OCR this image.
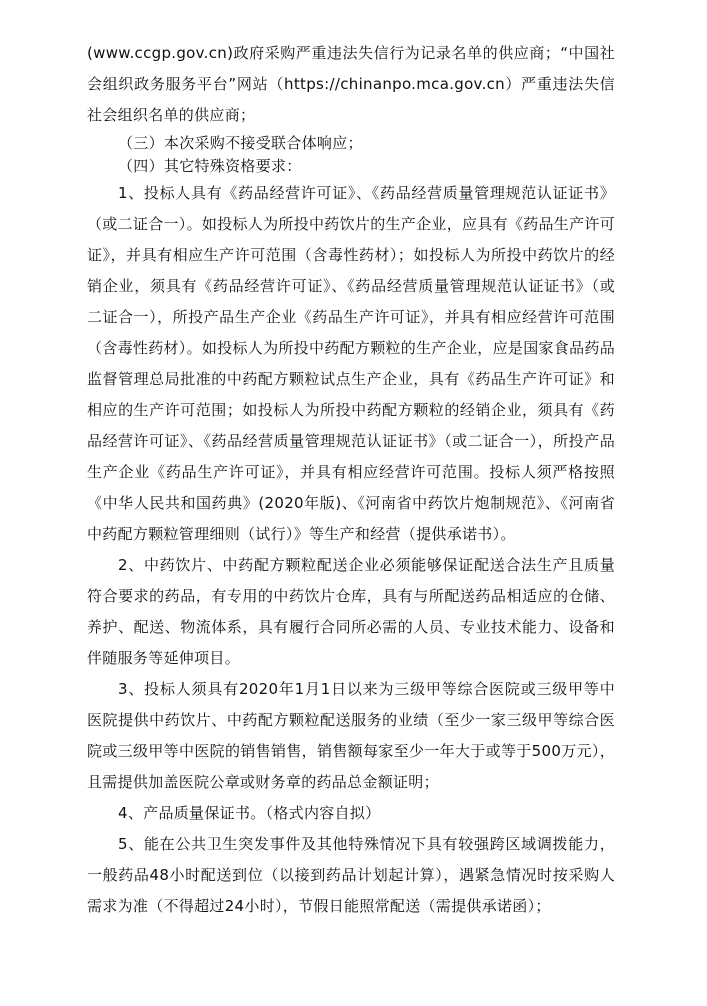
(www.ccgp.gov.cn)政府采购严重违法失信行为记录名单的供应商；“中国社会组织政务服务平台”网站（https://chinanpo.mca.gov.cn）严重违法失信社会组织名单的供应商；

（三）本次采购不接受联合体响应；

（四）其它特殊资格要求：

1、投标人具有《药品经营许可证》、《药品经营质量管理规范认证证书》（或二证合一）。如投标人为所投中药饮片的生产企业，应具有《药品生产许可证》，并具有相应生产许可范围（含毒性药材）；如投标人为所投中药饮片的经销企业，须具有《药品经营许可证》、《药品经营质量管理规范认证证书》（或二证合一），所投产品生产企业《药品生产许可证》，并具有相应经营许可范围（含毒性药材）。如投标人为所投中药配方颗粒的生产企业，应是国家食品药品监督管理总局批准的中药配方颗粒试点生产企业，具有《药品生产许可证》和相应的生产许可范围；如投标人为所投中药配方颗粒的经销企业，须具有《药品经营许可证》、《药品经营质量管理规范认证证书》（或二证合一），所投产品生产企业《药品生产许可证》，并具有相应经营许可范围。投标人须严格按照《中华人民共和国药典》(2020年版)、《河南省中药饮片炮制规范》、《河南省中药配方颗粒管理细则（试行）》等生产和经营（提供承诺书）。

2、中药饮片、中药配方颗粒配送企业必须能够保证配送合法生产且质量符合要求的药品，有专用的中药饮片仓库，具有与所配送药品相适应的仓储、养护、配送、物流体系，具有履行合同所必需的人员、专业技术能力、设备和伴随服务等延伸项目。

3、投标人须具有2020年1月1日以来为三级甲等综合医院或三级甲等中医院提供中药饮片、中药配方颗粒配送服务的业绩（至少一家三级甲等综合医院或三级甲等中医院的销售销售，销售额每家至少一年大于或等于500万元），且需提供加盖医院公章或财务章的药品总金额证明；

4、产品质量保证书。（格式内容自拟）

5、能在公共卫生突发事件及其他特殊情况下具有较强跨区域调拨能力，一般药品48小时配送到位（以接到药品计划起计算），遇紧急情况时按采购人需求为准（不得超过24小时），节假日能照常配送（需提供承诺函）；
